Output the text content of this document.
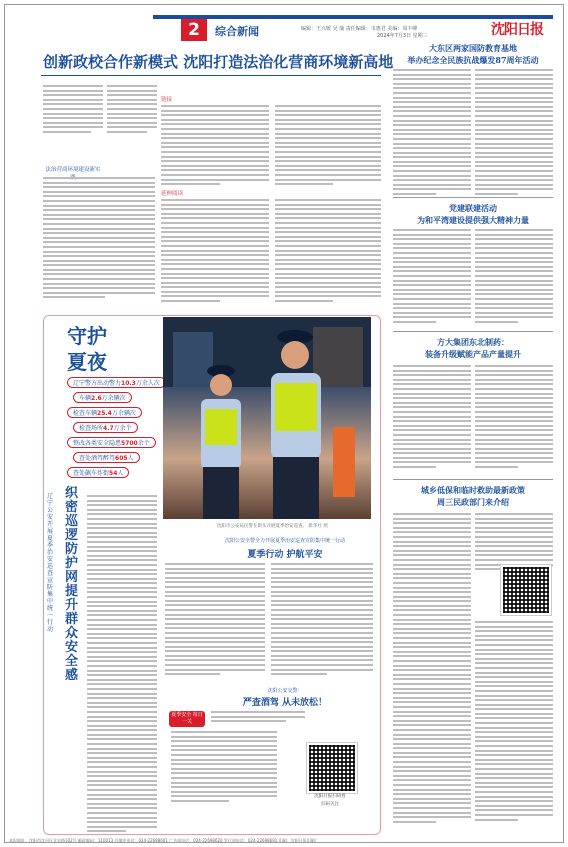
2	综合新闻	编辑：王兴媛 吴 瑜 责任编辑：韦惠君 美编：周丰峰
2024年7月3日 星期三	沈阳日报
创新政校合作新模式 沈阳打造法治化营商环境新高地
法治营商环境建设新实
链接
延伸阅读
大东区两家国防教育基地
举办纪念全民族抗战爆发87周年活动
党建联建活动
为和平湾建设提供强大精神力量
方大集团东北制药：
装备升级赋能产品产量提升
城乡低保和临时救助最新政策
周三民政部门来介绍
守护
夏夜
辽宁警方出动警力10.3万余人次
车辆2.6万余辆次
检查车辆25.4万余辆次
检查场所4.7万余个
整改各类安全隐患5700余个
查处酒驾醉驾605人
查处飙车炸街54人
辽宁公安开展夏季治安巡查宣防集中统一行动
织密巡逻防护网 提升群众安全感
沈阳市公安局民警在街头开展夏季治安巡查。 新华社 照
沈阳公安全警全力开展夏季治安巡查宣防集中统一行动
夏季行动 护航平安
沈阳公安交警：
严查酒驾 从未放松！
夏季安全 每日一关
沈阳日报扫码看
扫码关注
本报地址：沈阳市沈河区北站路102号 邮政编码：110013 总编室电话：024-22698601 广告部电话：024-22698620 发行部电话：024-22698691 印刷：沈阳日报印刷厂
